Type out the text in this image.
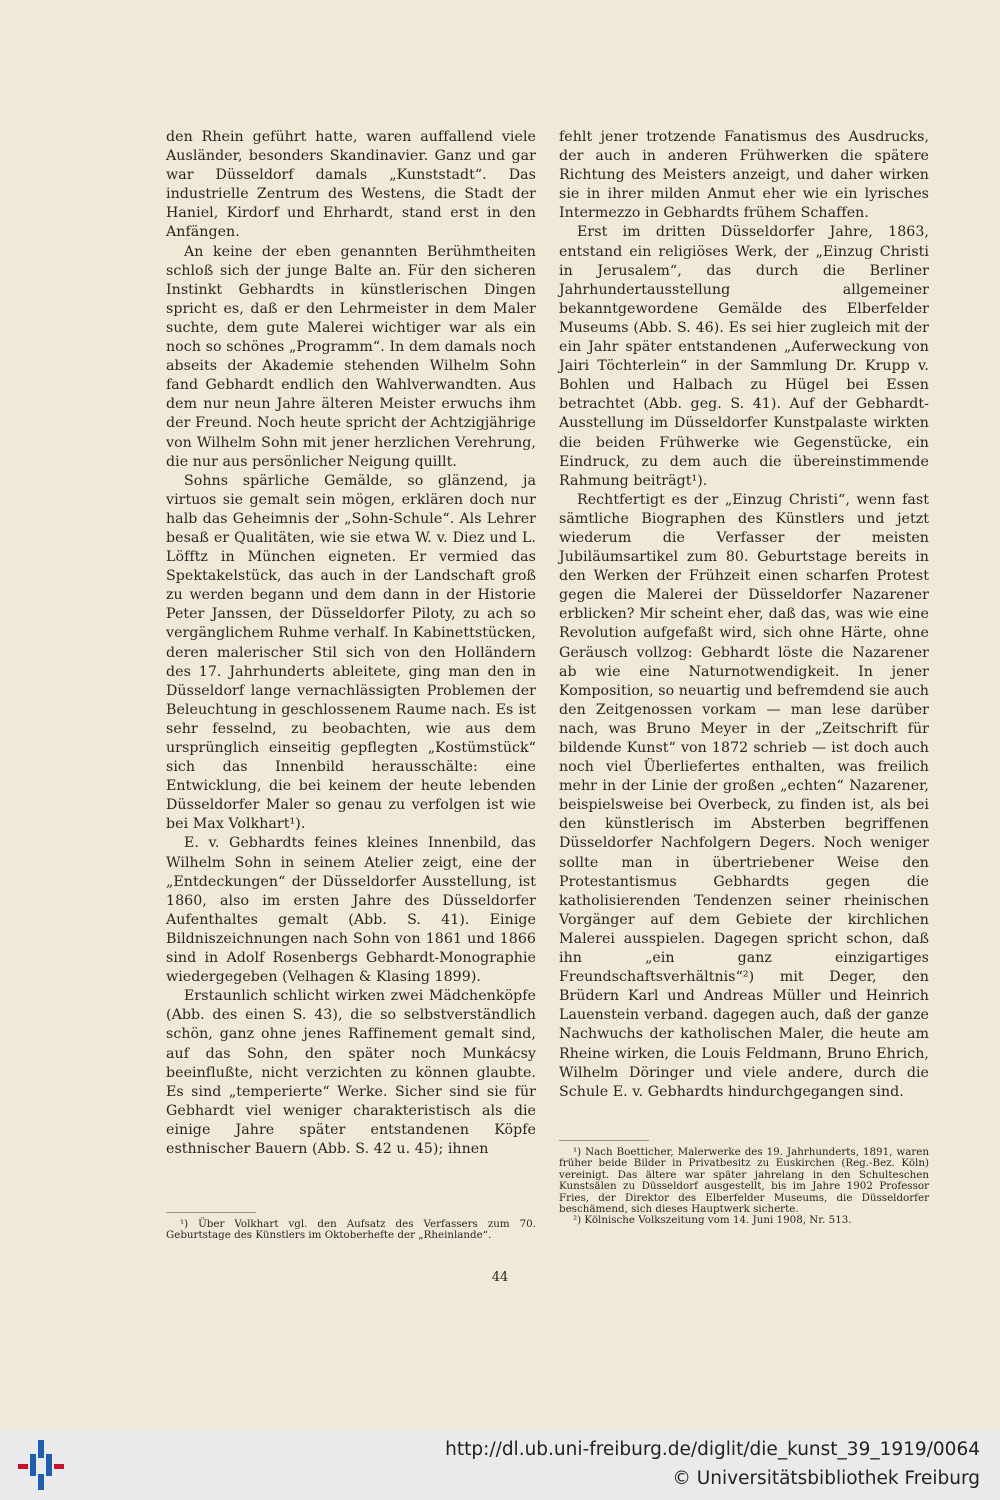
den Rhein geführt hatte, waren auffallend viele Ausländer, besonders Skandinavier. Ganz und gar war Düsseldorf damals „Kunststadt“. Das industrielle Zentrum des Westens, die Stadt der Haniel, Kirdorf und Ehrhardt, stand erst in den Anfängen.

An keine der eben genannten Berühmtheiten schloß sich der junge Balte an. Für den sicheren Instinkt Gebhardts in künstlerischen Dingen spricht es, daß er den Lehrmeister in dem Maler suchte, dem gute Malerei wichtiger war als ein noch so schönes „Programm“. In dem damals noch abseits der Akademie stehenden Wilhelm Sohn fand Gebhardt endlich den Wahlverwandten. Aus dem nur neun Jahre älteren Meister erwuchs ihm der Freund. Noch heute spricht der Achtzigjährige von Wilhelm Sohn mit jener herzlichen Verehrung, die nur aus persönlicher Neigung quillt.

Sohns spärliche Gemälde, so glänzend, ja virtuos sie gemalt sein mögen, erklären doch nur halb das Geheimnis der „Sohn-Schule“. Als Lehrer besaß er Qualitäten, wie sie etwa W. v. Diez und L. Löfftz in München eigneten. Er vermied das Spektakelstück, das auch in der Landschaft groß zu werden begann und dem dann in der Historie Peter Janssen, der Düsseldorfer Piloty, zu ach so vergänglichem Ruhme verhalf. In Kabinettstücken, deren malerischer Stil sich von den Holländern des 17. Jahrhunderts ableitete, ging man den in Düsseldorf lange vernachlässigten Problemen der Beleuchtung in geschlossenem Raume nach. Es ist sehr fesselnd, zu beobachten, wie aus dem ursprünglich einseitig gepflegten „Kostümstück“ sich das Innenbild herausschälte: eine Entwicklung, die bei keinem der heute lebenden Düsseldorfer Maler so genau zu verfolgen ist wie bei Max Volkhart¹).

E. v. Gebhardts feines kleines Innenbild, das Wilhelm Sohn in seinem Atelier zeigt, eine der „Entdeckungen“ der Düsseldorfer Ausstellung, ist 1860, also im ersten Jahre des Düsseldorfer Aufenthaltes gemalt (Abb. S. 41). Einige Bildniszeichnungen nach Sohn von 1861 und 1866 sind in Adolf Rosenbergs Gebhardt-Monographie wiedergegeben (Velhagen & Klasing 1899).

Erstaunlich schlicht wirken zwei Mädchenköpfe (Abb. des einen S. 43), die so selbstverständlich schön, ganz ohne jenes Raffinement gemalt sind, auf das Sohn, den später noch Munkácsy beeinflußte, nicht verzichten zu können glaubte. Es sind „temperierte“ Werke. Sicher sind sie für Gebhardt viel weniger charakteristisch als die einige Jahre später entstandenen Köpfe esthnischer Bauern (Abb. S. 42 u. 45); ihnen

fehlt jener trotzende Fanatismus des Ausdrucks, der auch in anderen Frühwerken die spätere Richtung des Meisters anzeigt, und daher wirken sie in ihrer milden Anmut eher wie ein lyrisches Intermezzo in Gebhardts frühem Schaffen.

Erst im dritten Düsseldorfer Jahre, 1863, entstand ein religiöses Werk, der „Einzug Christi in Jerusalem“, das durch die Berliner Jahrhundertausstellung allgemeiner bekanntgewordene Gemälde des Elberfelder Museums (Abb. S. 46). Es sei hier zugleich mit der ein Jahr später entstandenen „Auferweckung von Jairi Töchterlein“ in der Sammlung Dr. Krupp v. Bohlen und Halbach zu Hügel bei Essen betrachtet (Abb. geg. S. 41). Auf der Gebhardt-Ausstellung im Düsseldorfer Kunstpalaste wirkten die beiden Frühwerke wie Gegenstücke, ein Eindruck, zu dem auch die übereinstimmende Rahmung beiträgt¹).

Rechtfertigt es der „Einzug Christi“, wenn fast sämtliche Biographen des Künstlers und jetzt wiederum die Verfasser der meisten Jubiläumsartikel zum 80. Geburtstage bereits in den Werken der Frühzeit einen scharfen Protest gegen die Malerei der Düsseldorfer Nazarener erblicken? Mir scheint eher, daß das, was wie eine Revolution aufgefaßt wird, sich ohne Härte, ohne Geräusch vollzog: Gebhardt löste die Nazarener ab wie eine Naturnotwendigkeit. In jener Komposition, so neuartig und befremdend sie auch den Zeitgenossen vorkam — man lese darüber nach, was Bruno Meyer in der „Zeitschrift für bildende Kunst“ von 1872 schrieb — ist doch auch noch viel Überliefertes enthalten, was freilich mehr in der Linie der großen „echten“ Nazarener, beispielsweise bei Overbeck, zu finden ist, als bei den künstlerisch im Absterben begriffenen Düsseldorfer Nachfolgern Degers. Noch weniger sollte man in übertriebener Weise den Protestantismus Gebhardts gegen die katholisierenden Tendenzen seiner rheinischen Vorgänger auf dem Gebiete der kirchlichen Malerei ausspielen. Dagegen spricht schon, daß ihn „ein ganz einzigartiges Freundschaftsverhältnis“²) mit Deger, den Brüdern Karl und Andreas Müller und Heinrich Lauenstein verband. dagegen auch, daß der ganze Nachwuchs der katholischen Maler, die heute am Rheine wirken, die Louis Feldmann, Bruno Ehrich, Wilhelm Döringer und viele andere, durch die Schule E. v. Gebhardts hindurchgegangen sind.

¹) Über Volkhart vgl. den Aufsatz des Verfassers zum 70. Geburtstage des Künstlers im Oktoberhefte der „Rheinlande“.

¹) Nach Boetticher, Malerwerke des 19. Jahrhunderts, 1891, waren früher beide Bilder in Privatbesitz zu Euskirchen (Reg.-Bez. Köln) vereinigt. Das ältere war später jahrelang in den Schulteschen Kunstsälen zu Düsseldorf ausgestellt, bis im Jahre 1902 Professor Fries, der Direktor des Elberfelder Museums, die Düsseldorfer beschämend, sich dieses Hauptwerk sicherte.

²) Kölnische Volkszeitung vom 14. Juni 1908, Nr. 513.

44
http://dl.ub.uni-freiburg.de/diglit/die_kunst_39_1919/0064
© Universitätsbibliothek Freiburg
